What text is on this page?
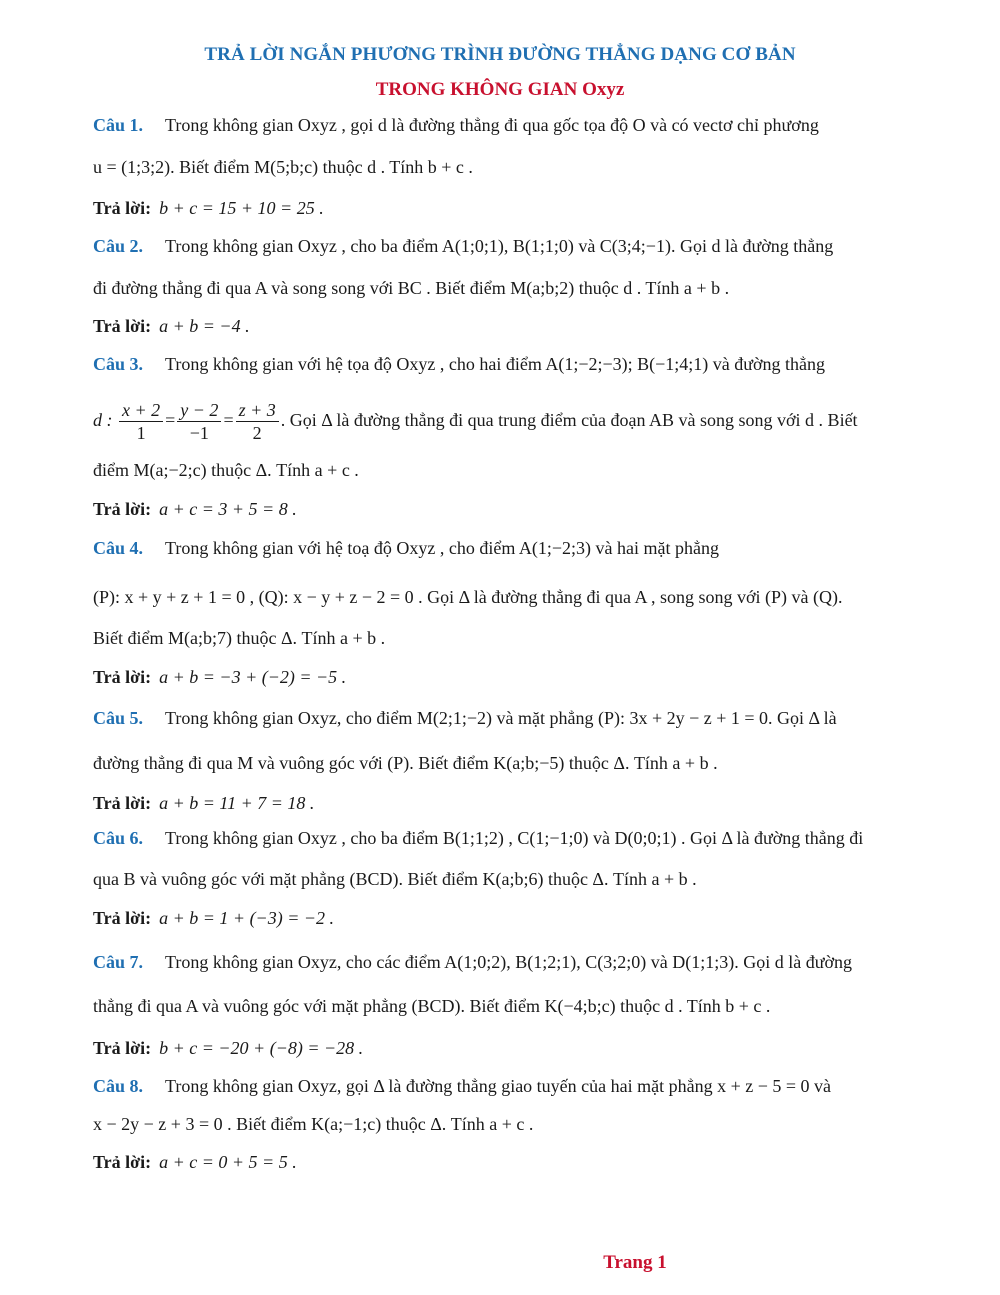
TRẢ LỜI NGẮN PHƯƠNG TRÌNH ĐƯỜNG THẲNG DẠNG CƠ BẢN
TRONG KHÔNG GIAN Oxyz
Câu 1. Trong không gian Oxyz , gọi d là đường thẳng đi qua gốc tọa độ O và có vectơ chỉ phương
u = (1;3;2). Biết điểm M(5;b;c) thuộc d . Tính b + c .
Trả lời: b + c = 15 + 10 = 25 .
Câu 2. Trong không gian Oxyz , cho ba điểm A(1;0;1), B(1;1;0) và C(3;4;−1). Gọi d là đường thẳng
đi đường thẳng đi qua A và song song với BC . Biết điểm M(a;b;2) thuộc d . Tính a + b .
Trả lời: a + b = −4 .
Câu 3. Trong không gian với hệ tọa độ Oxyz , cho hai điểm A(1;−2;−3); B(−1;4;1) và đường thẳng
d : $\frac{x + 2}{1} = \frac{y - 2}{-1} = \frac{z + 3}{2}$ . Gọi Δ là đường thẳng đi qua trung điểm của đoạn AB và song song với d . Biết
điểm M(a;−2;c) thuộc Δ. Tính a + c .
Trả lời: a + c = 3 + 5 = 8 .
Câu 4. Trong không gian với hệ toạ độ Oxyz , cho điểm A(1;−2;3) và hai mặt phẳng
(P): x + y + z + 1 = 0 , (Q): x − y + z − 2 = 0 . Gọi Δ là đường thẳng đi qua A , song song với (P) và (Q).
Biết điểm M(a;b;7) thuộc Δ. Tính a + b .
Trả lời: a + b = −3 + (−2) = −5 .
Câu 5. Trong không gian Oxyz, cho điểm M(2;1;−2) và mặt phẳng (P): 3x + 2y − z + 1 = 0. Gọi Δ là
đường thẳng đi qua M và vuông góc với (P). Biết điểm K(a;b;−5) thuộc Δ. Tính a + b .
Trả lời: a + b = 11 + 7 = 18 .
Câu 6. Trong không gian Oxyz , cho ba điểm B(1;1;2) , C(1;−1;0) và D(0;0;1) . Gọi Δ là đường thẳng đi
qua B và vuông góc với mặt phẳng (BCD). Biết điểm K(a;b;6) thuộc Δ. Tính a + b .
Trả lời: a + b = 1 + (−3) = −2 .
Câu 7. Trong không gian Oxyz, cho các điểm A(1;0;2), B(1;2;1), C(3;2;0) và D(1;1;3). Gọi d là đường
thẳng đi qua A và vuông góc với mặt phẳng (BCD). Biết điểm K(−4;b;c) thuộc d . Tính b + c .
Trả lời: b + c = −20 + (−8) = −28 .
Câu 8. Trong không gian Oxyz, gọi Δ là đường thẳng giao tuyến của hai mặt phẳng x + z − 5 = 0 và
x − 2y − z + 3 = 0 . Biết điểm K(a;−1;c) thuộc Δ. Tính a + c .
Trả lời: a + c = 0 + 5 = 5 .
Trang 1
